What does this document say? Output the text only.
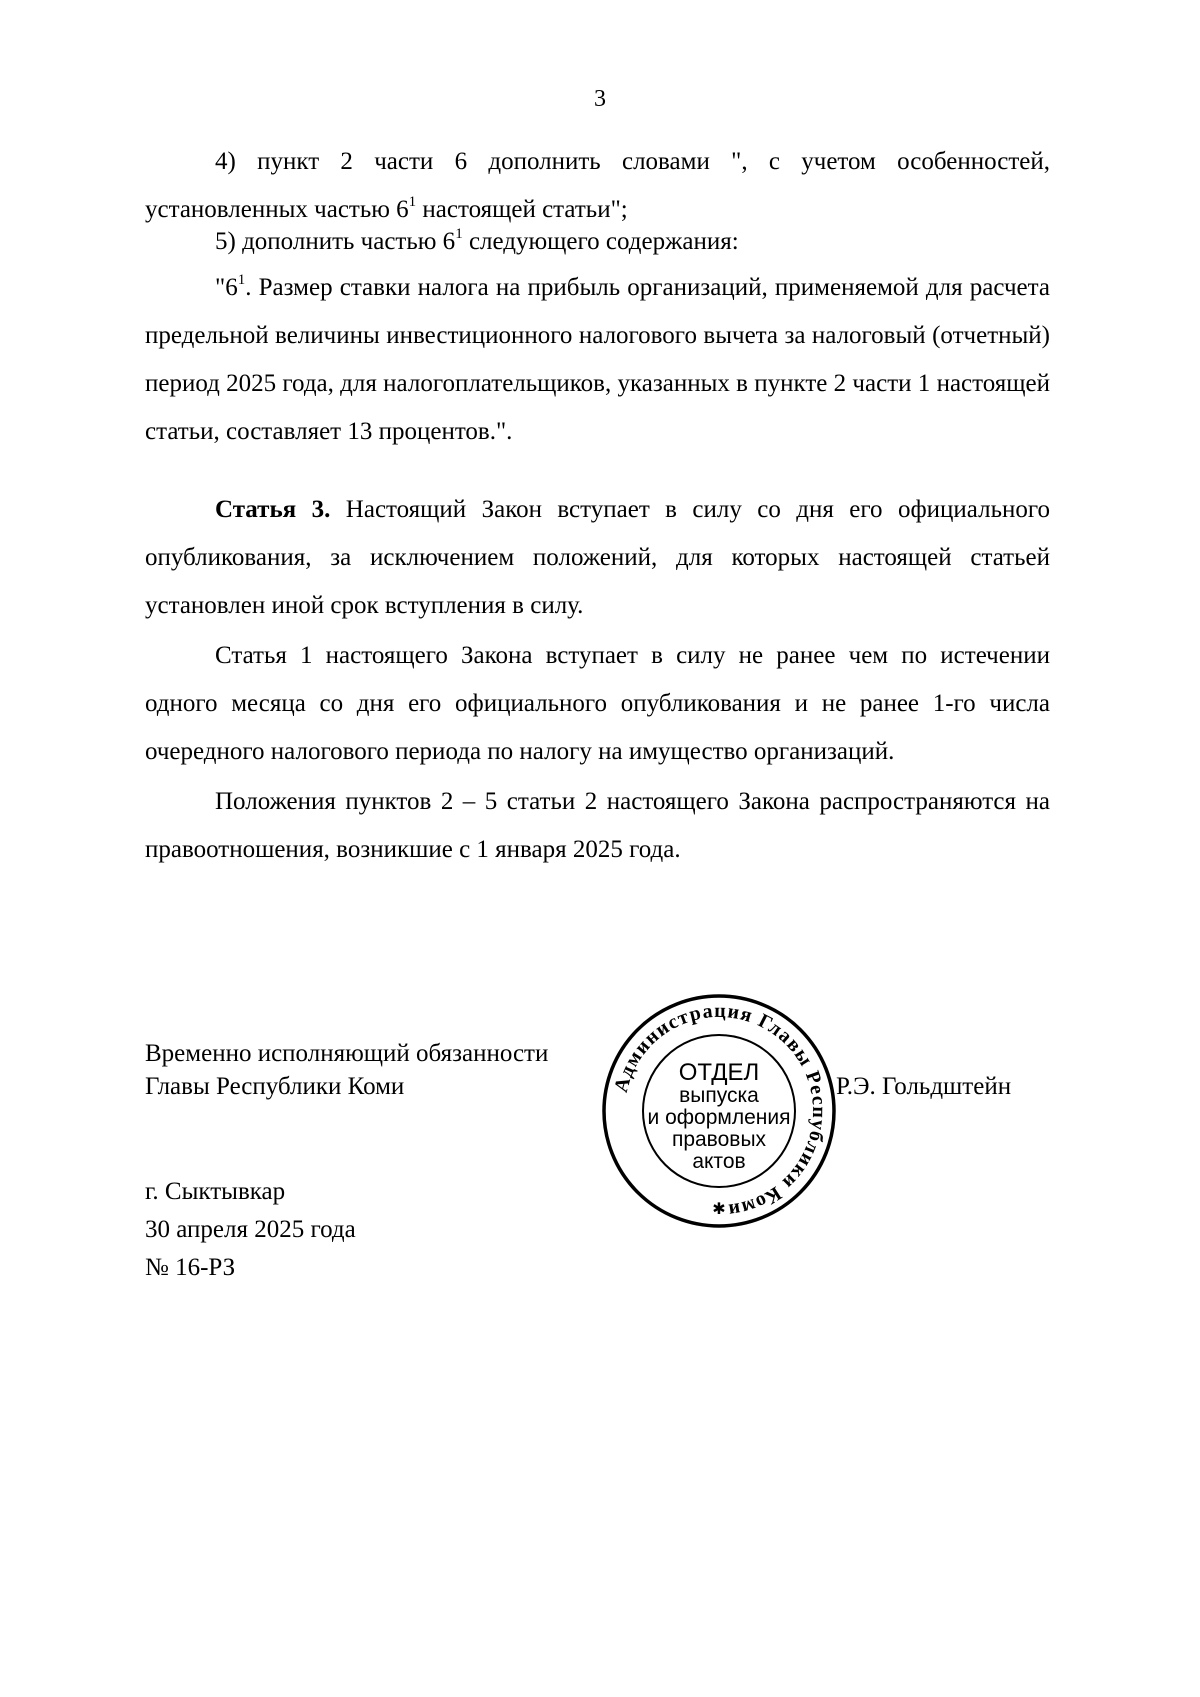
3

4) пункт 2 части 6 дополнить словами ", с учетом особенностей,

установленных частью $6^1$ настоящей статьи";

5) дополнить частью $6^1$ следующего содержания:

"$6^1$. Размер ставки налога на прибыль организаций, применяемой для расчета предельной величины инвестиционного налогового вычета за налоговый (отчетный) период 2025 года, для налогоплательщиков, указанных в пункте 2 части 1 настоящей статьи, составляет 13 процентов.".

Статья 3. Настоящий Закон вступает в силу со дня его официального опубликования, за исключением положений, для которых настоящей статьей установлен иной срок вступления в силу.

Статья 1 настоящего Закона вступает в силу не ранее чем по истечении одного месяца со дня его официального опубликования и не ранее 1-го числа очередного налогового периода по налогу на имущество организаций.

Положения пунктов 2 – 5 статьи 2 настоящего Закона распространяются на правоотношения, возникшие с 1 января 2025 года.

Временно исполняющий обязанности
Главы Республики Коми	Р.Э. Гольдштейн
Администрация Главы Республики Коми
ОТДЕЛ
выпуска
и оформления
правовых
актов
✱
г. Сыктывкар
30 апреля 2025 года
№ 16-РЗ
